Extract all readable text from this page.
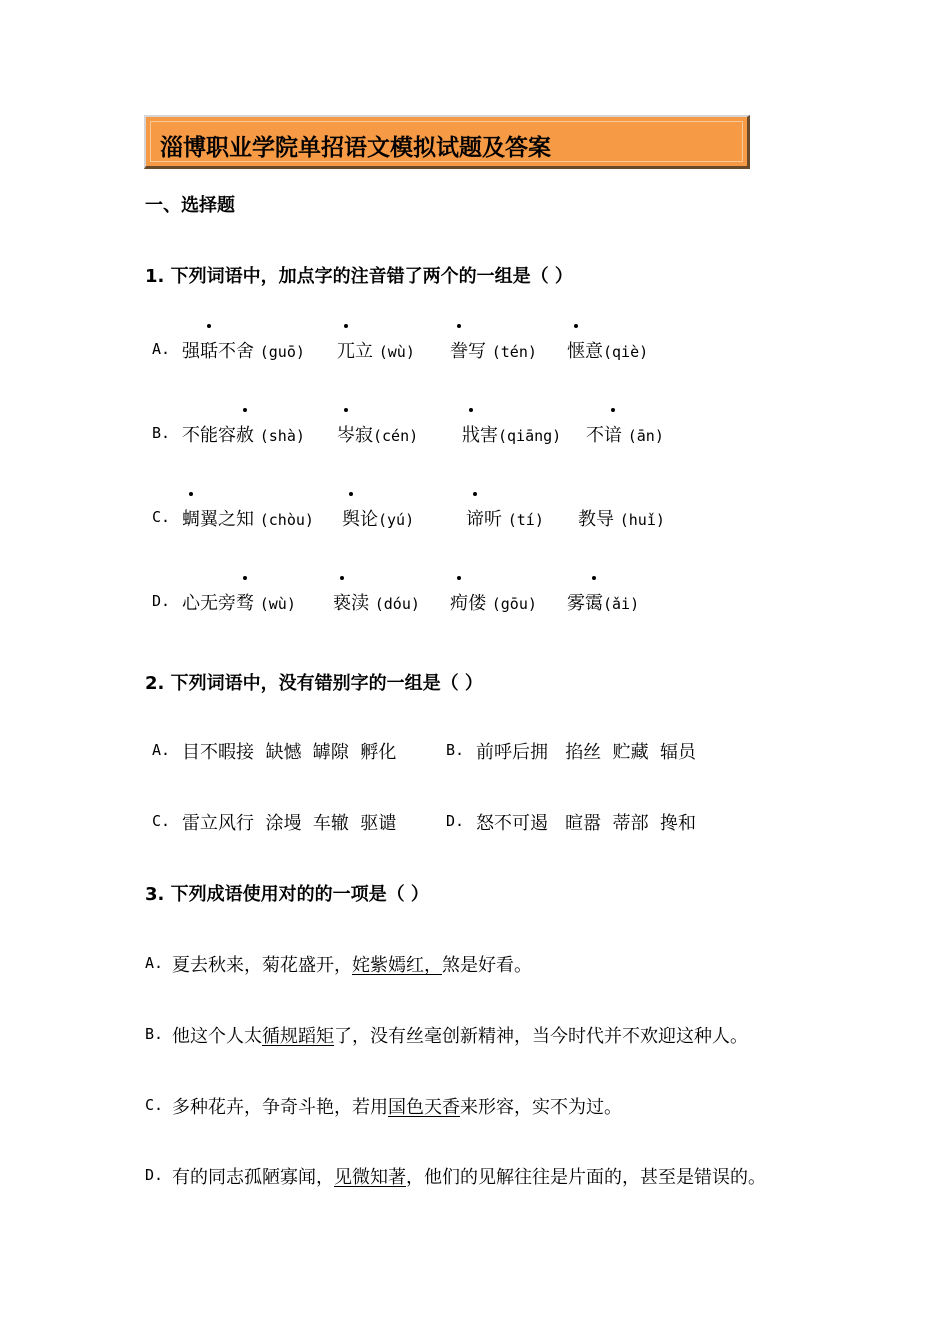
淄博职业学院单招语文模拟试题及答案
一、选择题
1. 下列词语中，加点字的注音错了两个的一组是（ ）
A. 强聒不舍 (guō) 兀立 (wù) 誊写 (tén) 惬意(qiè)
B. 不能容赦 (shà) 岑寂(cén) 戕害(qiāng) 不谙 (ān)
C. 蜩翼之知 (chòu) 舆论(yú)	谛听 (tí) 教导 (huǐ)
D. 心无旁骛 (wù) 亵渎 (dóu) 痀偻 (gōu) 雾霭(ǎi)
2. 下列词语中，没有错别字的一组是（ ）
A. 目不暇接  缺憾  罅隙  孵化	B. 前呼后拥   掐丝  贮藏  辐员
C. 雷立风行  涂墁  车辙  驱谴	D. 怒不可遏   暄嚣  蒂部  搀和
3. 下列成语使用对的的一项是（ ）
A. 夏去秋来，菊花盛开，姹紫嫣红，煞是好看。
B. 他这个人太循规蹈矩了，没有丝毫创新精神，当今时代并不欢迎这种人。
C. 多种花卉，争奇斗艳，若用国色天香来形容，实不为过。
D. 有的同志孤陋寡闻，见微知著，他们的见解往往是片面的，甚至是错误的。
